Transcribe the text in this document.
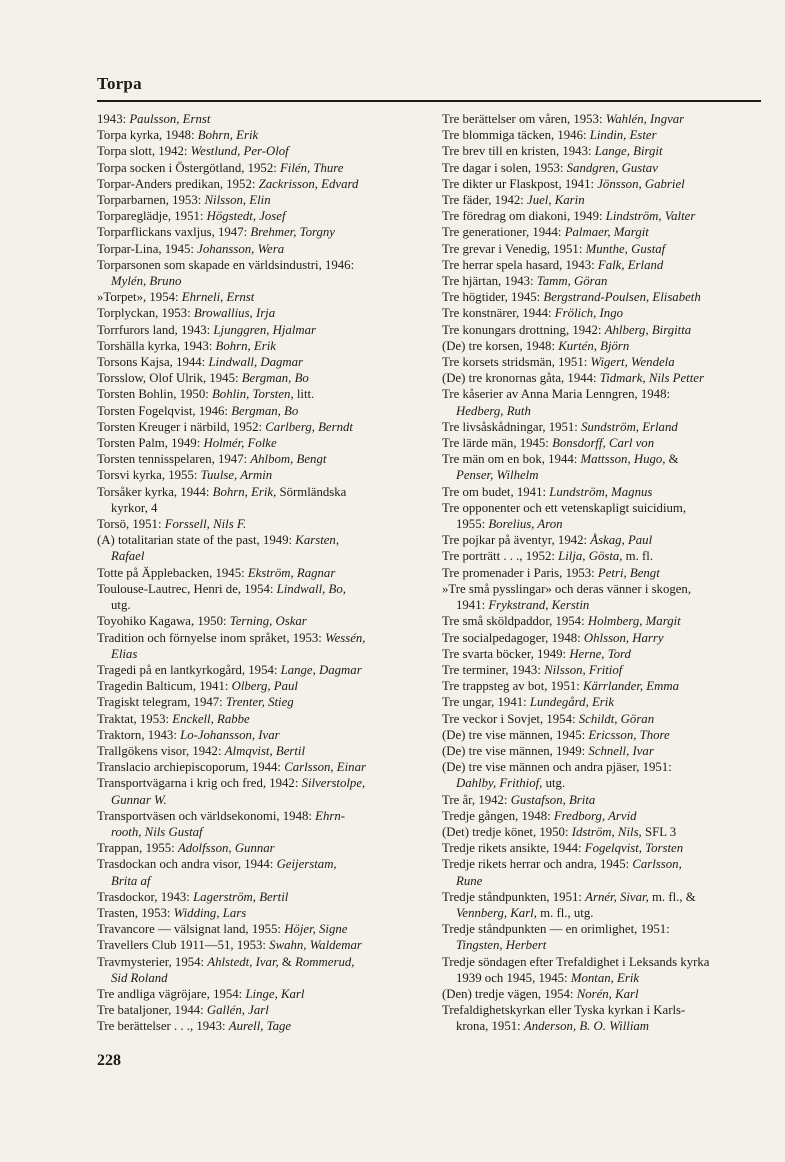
Torpa
1943: Paulsson, Ernst
Torpa kyrka, 1948: Bohrn, Erik
Torpa slott, 1942: Westlund, Per-Olof
Torpa socken i Östergötland, 1952: Filén, Thure
Torpar-Anders predikan, 1952: Zackrisson, Edvard
Torparbarnen, 1953: Nilsson, Elin
Torpareglädje, 1951: Högstedt, Josef
Torparflickans vaxljus, 1947: Brehmer, Torgny
Torpar-Lina, 1945: Johansson, Wera
Torparsonen som skapade en världsindustri, 1946:
Mylén, Bruno
»Torpet», 1954: Ehrneli, Ernst
Torplyckan, 1953: Browallius, Irja
Torrfurors land, 1943: Ljunggren, Hjalmar
Torshälla kyrka, 1943: Bohrn, Erik
Torsons Kajsa, 1944: Lindwall, Dagmar
Torsslow, Olof Ulrik, 1945: Bergman, Bo
Torsten Bohlin, 1950: Bohlin, Torsten, litt.
Torsten Fogelqvist, 1946: Bergman, Bo
Torsten Kreuger i närbild, 1952: Carlberg, Berndt
Torsten Palm, 1949: Holmér, Folke
Torsten tennisspelaren, 1947: Ahlbom, Bengt
Torsvi kyrka, 1955: Tuulse, Armin
Torsåker kyrka, 1944: Bohrn, Erik, Sörmländska
kyrkor, 4
Torsö, 1951: Forssell, Nils F.
(A) totalitarian state of the past, 1949: Karsten,
Rafael
Totte på Äpplebacken, 1945: Ekström, Ragnar
Toulouse-Lautrec, Henri de, 1954: Lindwall, Bo,
utg.
Toyohiko Kagawa, 1950: Terning, Oskar
Tradition och förnyelse inom språket, 1953: Wessén,
Elias
Tragedi på en lantkyrkogård, 1954: Lange, Dagmar
Tragedin Balticum, 1941: Olberg, Paul
Tragiskt telegram, 1947: Trenter, Stieg
Traktat, 1953: Enckell, Rabbe
Traktorn, 1943: Lo-Johansson, Ivar
Trallgökens visor, 1942: Almqvist, Bertil
Translacio archiepiscoporum, 1944: Carlsson, Einar
Transportvägarna i krig och fred, 1942: Silverstolpe,
Gunnar W.
Transportväsen och världsekonomi, 1948: Ehrn-
rooth, Nils Gustaf
Trappan, 1955: Adolfsson, Gunnar
Trasdockan och andra visor, 1944: Geijerstam,
Brita af
Trasdockor, 1943: Lagerström, Bertil
Trasten, 1953: Widding, Lars
Travancore — välsignat land, 1955: Höjer, Signe
Travellers Club 1911—51, 1953: Swahn, Waldemar
Travmysterier, 1954: Ahlstedt, Ivar, & Rommerud,
Sid Roland
Tre andliga vägröjare, 1954: Linge, Karl
Tre bataljoner, 1944: Gallén, Jarl
Tre berättelser . . ., 1943: Aurell, Tage
Tre berättelser om våren, 1953: Wahlén, Ingvar
Tre blommiga täcken, 1946: Lindin, Ester
Tre brev till en kristen, 1943: Lange, Birgit
Tre dagar i solen, 1953: Sandgren, Gustav
Tre dikter ur Flaskpost, 1941: Jönsson, Gabriel
Tre fäder, 1942: Juel, Karin
Tre föredrag om diakoni, 1949: Lindström, Valter
Tre generationer, 1944: Palmaer, Margit
Tre grevar i Venedig, 1951: Munthe, Gustaf
Tre herrar spela hasard, 1943: Falk, Erland
Tre hjärtan, 1943: Tamm, Göran
Tre högtider, 1945: Bergstrand-Poulsen, Elisabeth
Tre konstnärer, 1944: Frölich, Ingo
Tre konungars drottning, 1942: Ahlberg, Birgitta
(De) tre korsen, 1948: Kurtén, Björn
Tre korsets stridsmän, 1951: Wigert, Wendela
(De) tre kronornas gåta, 1944: Tidmark, Nils Petter
Tre kåserier av Anna Maria Lenngren, 1948:
Hedberg, Ruth
Tre livsåskådningar, 1951: Sundström, Erland
Tre lärde män, 1945: Bonsdorff, Carl von
Tre män om en bok, 1944: Mattsson, Hugo, &
Penser, Wilhelm
Tre om budet, 1941: Lundström, Magnus
Tre opponenter och ett vetenskapligt suicidium,
1955: Borelius, Aron
Tre pojkar på äventyr, 1942: Åskag, Paul
Tre porträtt . . ., 1952: Lilja, Gösta, m. fl.
Tre promenader i Paris, 1953: Petri, Bengt
»Tre små pysslingar» och deras vänner i skogen,
1941: Frykstrand, Kerstin
Tre små sköldpaddor, 1954: Holmberg, Margit
Tre socialpedagoger, 1948: Ohlsson, Harry
Tre svarta böcker, 1949: Herne, Tord
Tre terminer, 1943: Nilsson, Fritiof
Tre trappsteg av bot, 1951: Kärrlander, Emma
Tre ungar, 1941: Lundegård, Erik
Tre veckor i Sovjet, 1954: Schildt, Göran
(De) tre vise männen, 1945: Ericsson, Thore
(De) tre vise männen, 1949: Schnell, Ivar
(De) tre vise männen och andra pjäser, 1951:
Dahlby, Frithiof, utg.
Tre år, 1942: Gustafson, Brita
Tredje gången, 1948: Fredborg, Arvid
(Det) tredje könet, 1950: Idström, Nils, SFL 3
Tredje rikets ansikte, 1944: Fogelqvist, Torsten
Tredje rikets herrar och andra, 1945: Carlsson,
Rune
Tredje ståndpunkten, 1951: Arnér, Sivar, m. fl., &
Vennberg, Karl, m. fl., utg.
Tredje ståndpunkten — en orimlighet, 1951:
Tingsten, Herbert
Tredje söndagen efter Trefaldighet i Leksands kyrka
1939 och 1945, 1945: Montan, Erik
(Den) tredje vägen, 1954: Norén, Karl
Trefaldighetskyrkan eller Tyska kyrkan i Karls-
krona, 1951: Anderson, B. O. William
228
